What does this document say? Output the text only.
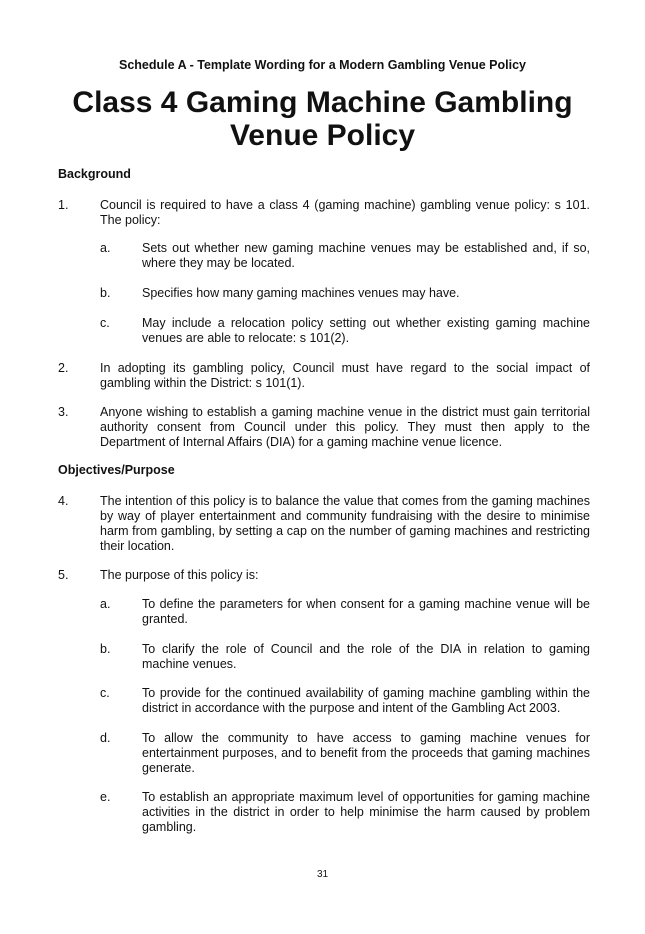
Schedule A - Template Wording for a Modern Gambling Venue Policy
Class 4 Gaming Machine Gambling Venue Policy
Background
1.	Council is required to have a class 4 (gaming machine) gambling venue policy: s 101. The policy:
a.	Sets out whether new gaming machine venues may be established and, if so, where they may be located.
b.	Specifies how many gaming machines venues may have.
c.	May include a relocation policy setting out whether existing gaming machine venues are able to relocate: s 101(2).
2.	In adopting its gambling policy, Council must have regard to the social impact of gambling within the District: s 101(1).
3.	Anyone wishing to establish a gaming machine venue in the district must gain territorial authority consent from Council under this policy. They must then apply to the Department of Internal Affairs (DIA) for a gaming machine venue licence.
Objectives/Purpose
4.	The intention of this policy is to balance the value that comes from the gaming machines by way of player entertainment and community fundraising with the desire to minimise harm from gambling, by setting a cap on the number of gaming machines and restricting their location.
5.	The purpose of this policy is:
a.	To define the parameters for when consent for a gaming machine venue will be granted.
b.	To clarify the role of Council and the role of the DIA in relation to gaming machine venues.
c.	To provide for the continued availability of gaming machine gambling within the district in accordance with the purpose and intent of the Gambling Act 2003.
d.	To allow the community to have access to gaming machine venues for entertainment purposes, and to benefit from the proceeds that gaming machines generate.
e.	To establish an appropriate maximum level of opportunities for gaming machine activities in the district in order to help minimise the harm caused by problem gambling.
31
